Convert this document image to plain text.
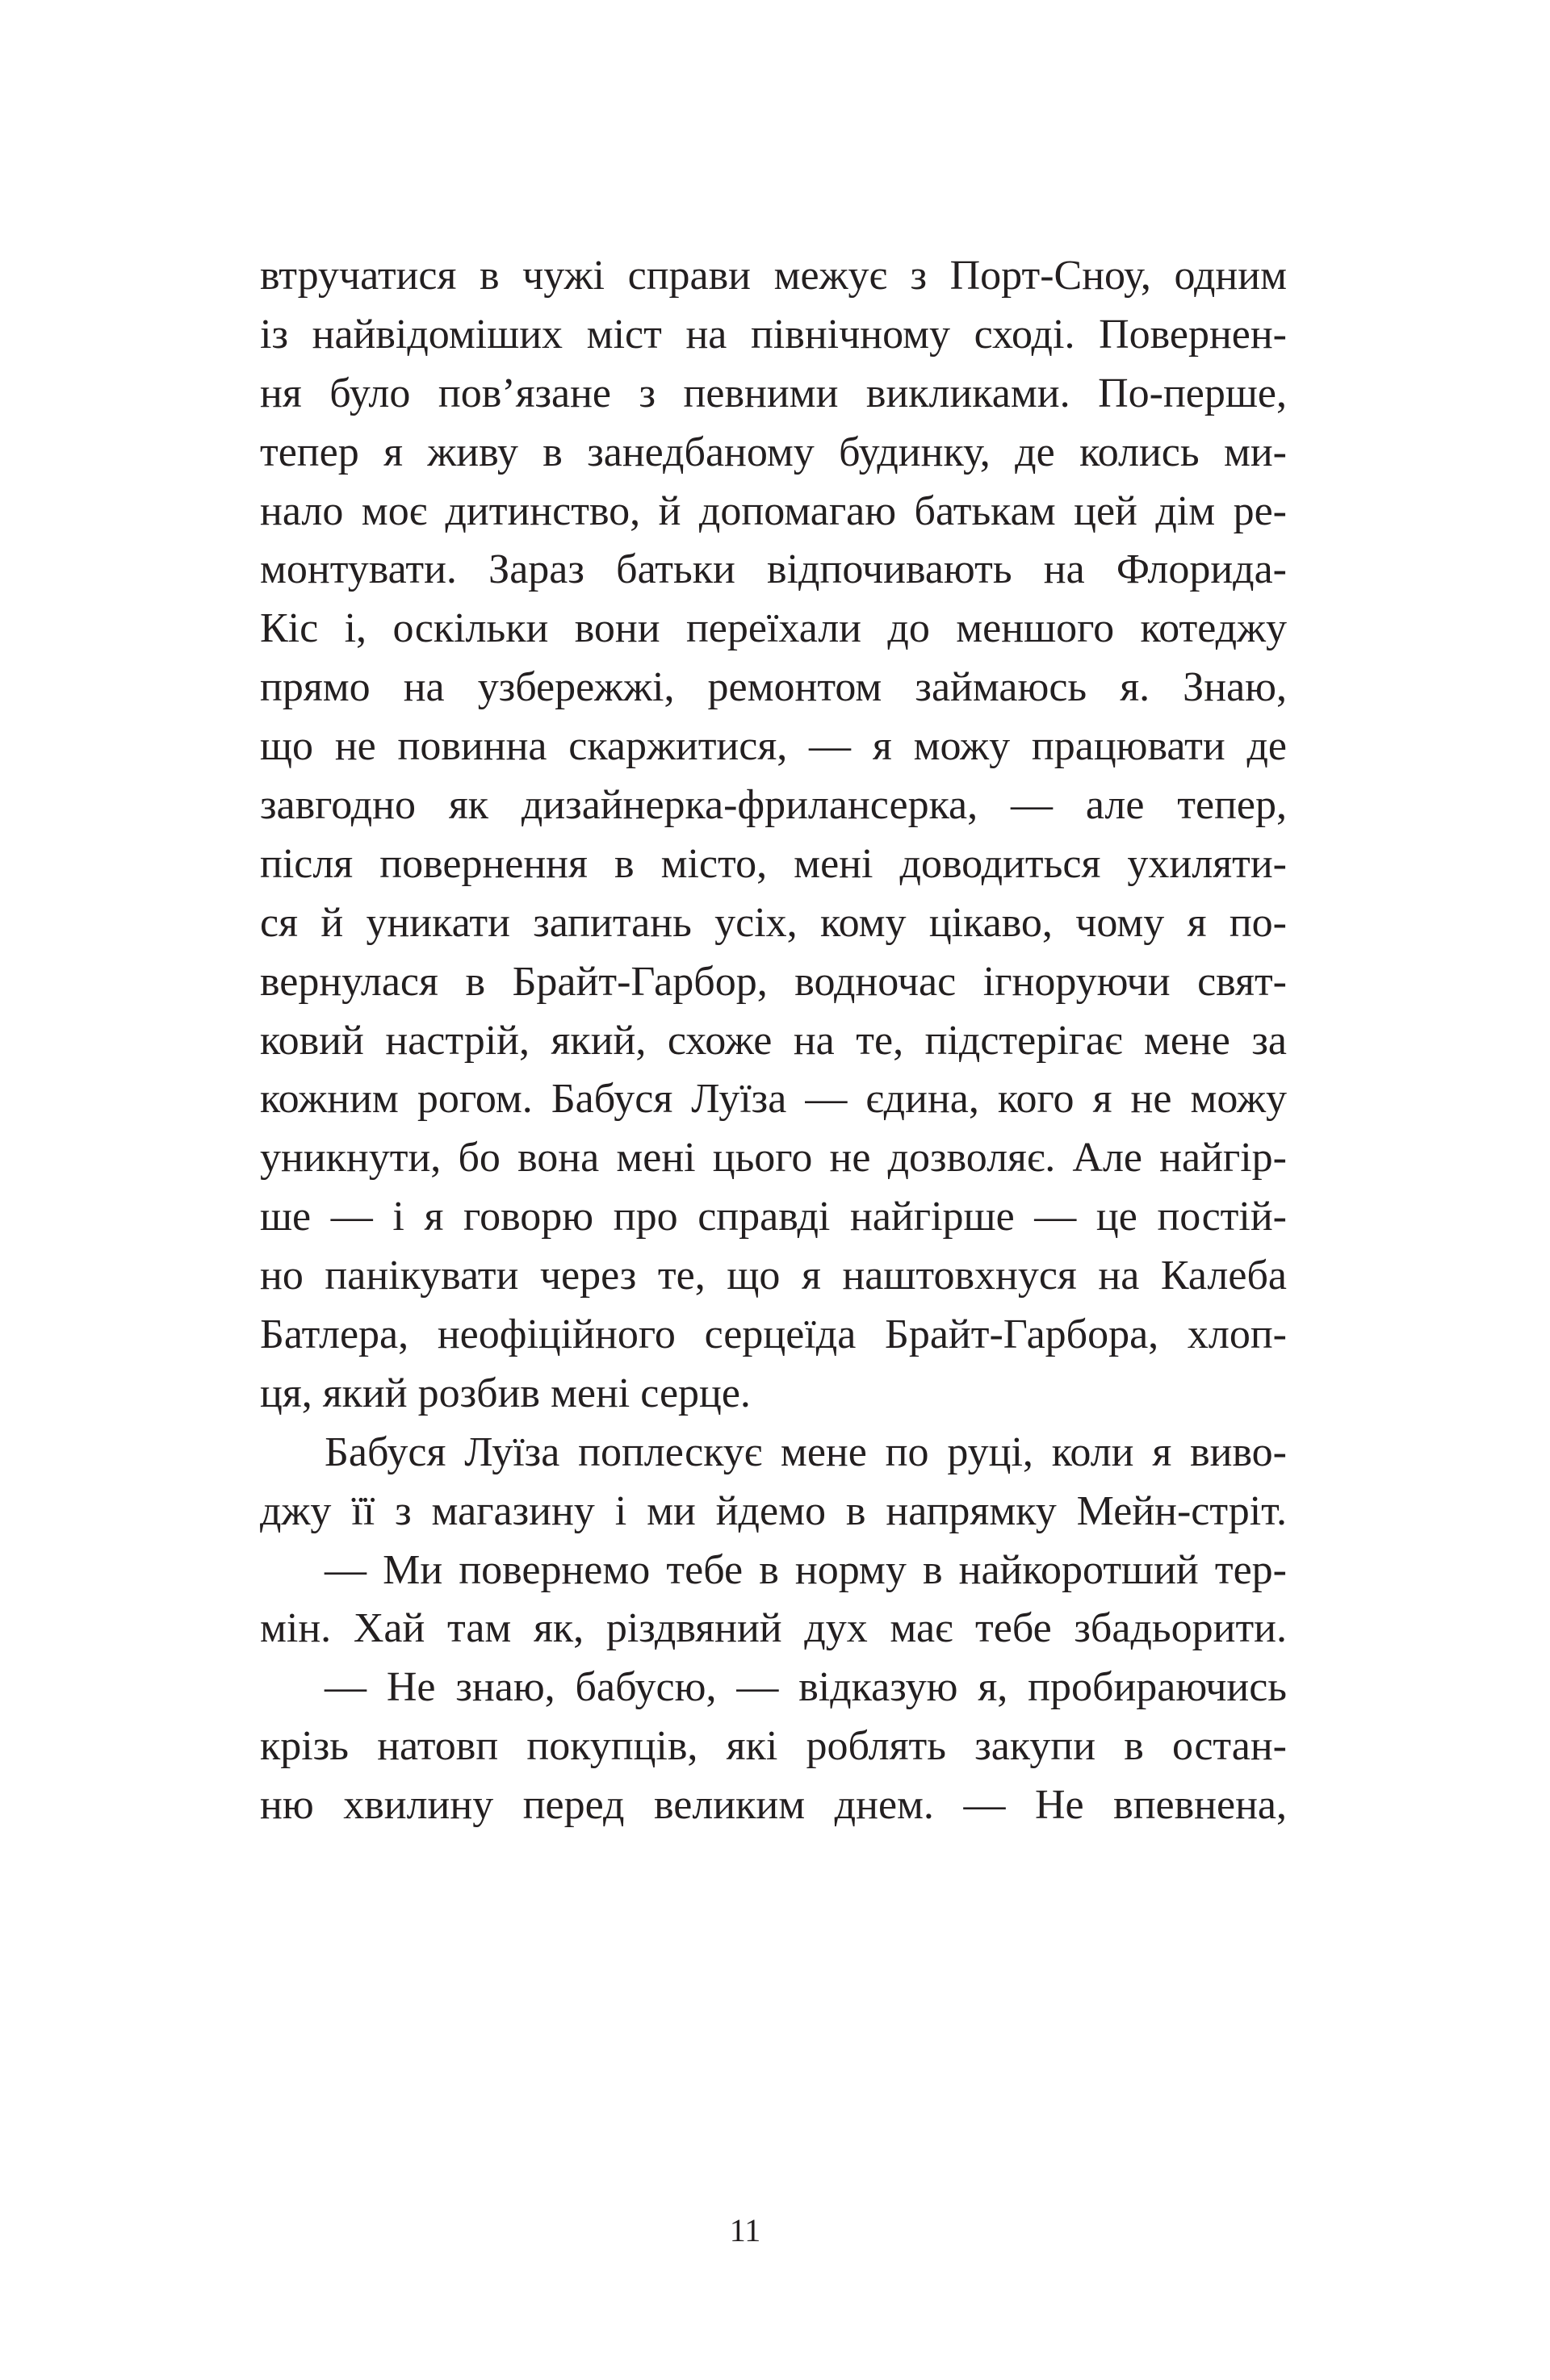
втручатися в чужі справи межує з Порт-Сноу, одним
із найвідоміших міст на північному сході. Повернен-
ня було пов’язане з певними викликами. По-перше,
тепер я живу в занедбаному будинку, де колись ми-
нало моє дитинство, й допомагаю батькам цей дім ре-
монтувати. Зараз батьки відпочивають на Флорида-
Кіс і, оскільки вони переїхали до меншого котеджу
прямо на узбережжі, ремонтом займаюсь я. Знаю,
що не повинна скаржитися, — я можу працювати де
завгодно як дизайнерка-фрилансерка, — але тепер,
після повернення в місто, мені доводиться ухиляти-
ся й уникати запитань усіх, кому цікаво, чому я по-
вернулася в Брайт-Гарбор, водночас ігноруючи свят-
ковий настрій, який, схоже на те, підстерігає мене за
кожним рогом. Бабуся Луїза — єдина, кого я не можу
уникнути, бо вона мені цього не дозволяє. Але найгір-
ше — і я говорю про справді найгірше — це постій-
но панікувати через те, що я наштовхнуся на Калеба
Батлера, неофіційного серцеїда Брайт-Гарбора, хлоп-
ця, який розбив мені серце.
Бабуся Луїза поплескує мене по руці, коли я виво-
джу її з магазину і ми йдемо в напрямку Мейн-стріт.
— Ми повернемо тебе в норму в найкоротший тер-
мін. Хай там як, різдвяний дух має тебе збадьорити.
— Не знаю, бабусю, — відказую я, пробираючись
крізь натовп покупців, які роблять закупи в остан-
ню хвилину перед великим днем. — Не впевнена,
11
